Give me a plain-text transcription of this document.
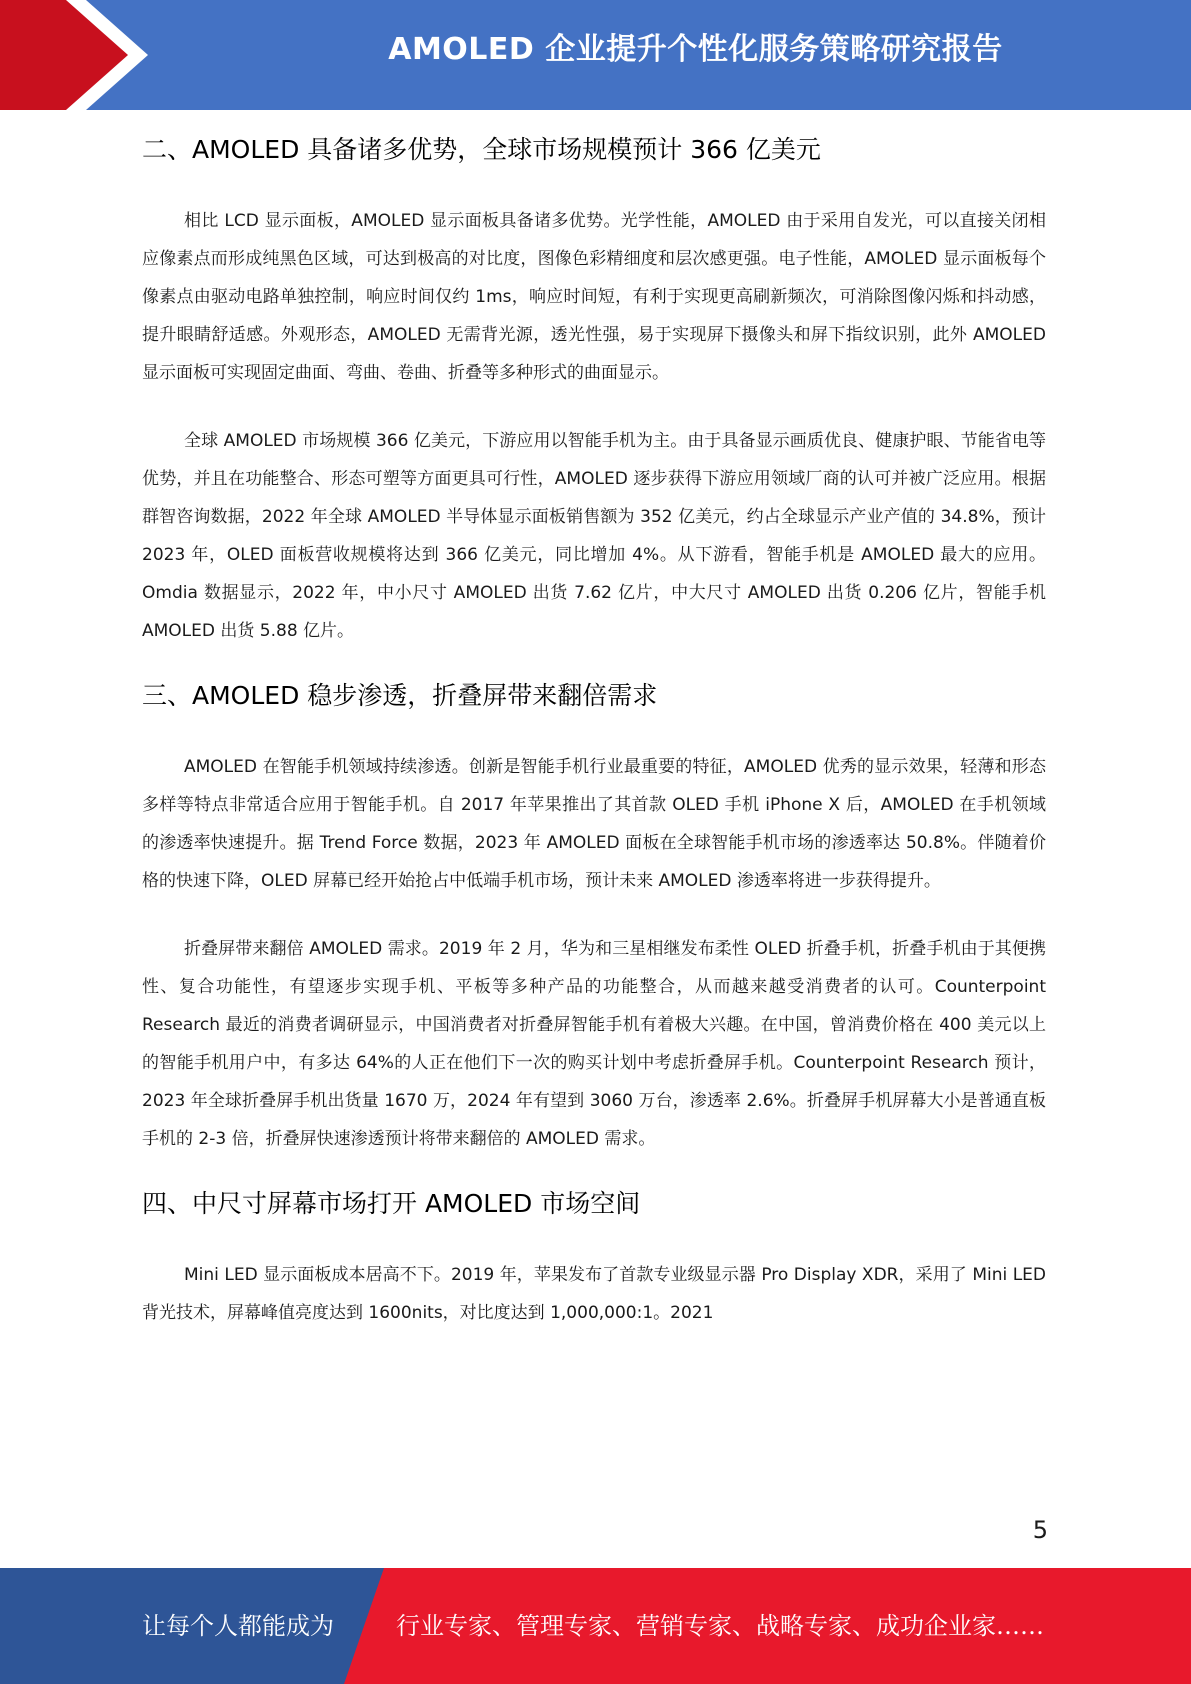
AMOLED 企业提升个性化服务策略研究报告
二、AMOLED 具备诸多优势，全球市场规模预计 366 亿美元

相比 LCD 显示面板，AMOLED 显示面板具备诸多优势。光学性能，AMOLED 由于采用自发光，可以直接关闭相应像素点而形成纯黑色区域，可达到极高的对比度，图像色彩精细度和层次感更强。电子性能，AMOLED 显示面板每个像素点由驱动电路单独控制，响应时间仅约 1ms，响应时间短，有利于实现更高刷新频次，可消除图像闪烁和抖动感，提升眼睛舒适感。外观形态，AMOLED 无需背光源，透光性强，易于实现屏下摄像头和屏下指纹识别，此外 AMOLED 显示面板可实现固定曲面、弯曲、卷曲、折叠等多种形式的曲面显示。

全球 AMOLED 市场规模 366 亿美元，下游应用以智能手机为主。由于具备显示画质优良、健康护眼、节能省电等优势，并且在功能整合、形态可塑等方面更具可行性，AMOLED 逐步获得下游应用领域厂商的认可并被广泛应用。根据群智咨询数据，2022 年全球 AMOLED 半导体显示面板销售额为 352 亿美元，约占全球显示产业产值的 34.8%，预计 2023 年，OLED 面板营收规模将达到 366 亿美元，同比增加 4%。从下游看，智能手机是 AMOLED 最大的应用。Omdia 数据显示，2022 年，中小尺寸 AMOLED 出货 7.62 亿片，中大尺寸 AMOLED 出货 0.206 亿片，智能手机 AMOLED 出货 5.88 亿片。

三、AMOLED 稳步渗透，折叠屏带来翻倍需求

AMOLED 在智能手机领域持续渗透。创新是智能手机行业最重要的特征，AMOLED 优秀的显示效果，轻薄和形态多样等特点非常适合应用于智能手机。自 2017 年苹果推出了其首款 OLED 手机 iPhone X 后，AMOLED 在手机领域的渗透率快速提升。据 Trend Force 数据，2023 年 AMOLED 面板在全球智能手机市场的渗透率达 50.8%。伴随着价格的快速下降，OLED 屏幕已经开始抢占中低端手机市场，预计未来 AMOLED 渗透率将进一步获得提升。

折叠屏带来翻倍 AMOLED 需求。2019 年 2 月，华为和三星相继发布柔性 OLED 折叠手机，折叠手机由于其便携性、复合功能性，有望逐步实现手机、平板等多种产品的功能整合，从而越来越受消费者的认可。Counterpoint Research 最近的消费者调研显示，中国消费者对折叠屏智能手机有着极大兴趣。在中国，曾消费价格在 400 美元以上的智能手机用户中，有多达 64%的人正在他们下一次的购买计划中考虑折叠屏手机。Counterpoint Research 预计，2023 年全球折叠屏手机出货量 1670 万，2024 年有望到 3060 万台，渗透率 2.6%。折叠屏手机屏幕大小是普通直板手机的 2-3 倍，折叠屏快速渗透预计将带来翻倍的 AMOLED 需求。

四、中尺寸屏幕市场打开 AMOLED 市场空间

Mini LED 显示面板成本居高不下。2019 年，苹果发布了首款专业级显示器 Pro Display XDR，采用了 Mini LED 背光技术，屏幕峰值亮度达到 1600nits，对比度达到 1,000,000:1。2021

5
让每个人都能成为	行业专家、管理专家、营销专家、战略专家、成功企业家……
